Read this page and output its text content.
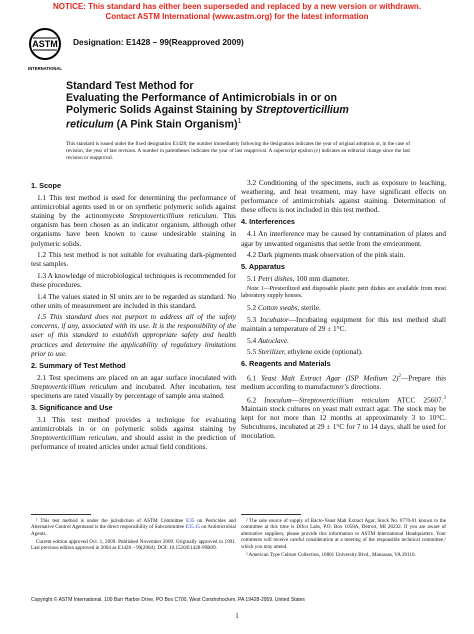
NOTICE: This standard has either been superseded and replaced by a new version or withdrawn.
Contact ASTM International (www.astm.org) for the latest information
ASTM
INTERNATIONAL
Designation: E1428 – 99(Reapproved 2009)
Standard Test Method for
Evaluating the Performance of Antimicrobials in or on
Polymeric Solids Against Staining by Streptoverticillium
reticulum (A Pink Stain Organism)$^1$
This standard is issued under the fixed designation E1428; the number immediately following the designation indicates the year of original adoption or, in the case of revision, the year of last revision. A number in parentheses indicates the year of last reapproval. A superscript epsilon (ε) indicates an editorial change since the last revision or reapproval.
1. Scope

1.1 This test method is used for determining the performance of antimicrobial agents used in or on synthetic polymeric solids against staining by the actinomycete Streptoverticillium reticulum. This organism has been chosen as an indicator organism, although other organisms have been known to cause undesirable staining in polymeric solids.

1.2 This test method is not suitable for evaluating dark-pigmented test samples.

1.3 A knowledge of microbiological techniques is recommended for these procedures.

1.4 The values stated in SI units are to be regarded as standard. No other units of measurement are included in this standard.

1.5 This standard does not purport to address all of the safety concerns, if any, associated with its use. It is the responsibility of the user of this standard to establish appropriate safety and health practices and determine the applicability of regulatory limitations prior to use.

2. Summary of Test Method

2.1 Test specimens are placed on an agar surface inoculated with Streptoverticillium reticulum and incubated. After incubation, test specimens are rated visually by percentage of sample area stained.

3. Significance and Use

3.1 This test method provides a technique for evaluating antimicrobials in or on polymeric solids against staining by Streptoverticillium reticulum, and should assist in the prediction of performance of treated articles under actual field conditions.

3.2 Conditioning of the specimens, such as exposure to leaching, weathering, and heat treatment, may have significant effects on performance of antimicrobials against staining. Determination of these effects is not included in this test method.

4. Interferences

4.1 An interference may be caused by contamination of plates and agar by unwanted organisms that settle from the environment.

4.2 Dark pigments mask observation of the pink stain.

5. Apparatus

5.1 Petri dishes, 100 mm diameter.

Note 1—Presterilized and disposable plastic petri dishes are available from most laboratory supply houses.

5.2 Cotton swabs, sterile.

5.3 Incubator—Incubating equipment for this test method shall maintain a temperature of 29 ± 1°C.

5.4 Autoclave.

5.5 Sterilizer, ethylene oxide (optional).

6. Reagents and Materials

6.1 Yeast Malt Extract Agar (ISP Medium 2)$^2$—Prepare this medium according to manufacturer’s directions.

6.2 Inoculum—Streptoverticillium reticulum ATCC 25607.$^3$ Maintain stock cultures on yeast malt extract agar. The stock may be kept for not more than 12 months at approximately 3 to 10°C. Subcultures, incubated at 29 ± 1°C for 7 to 14 days, shall be used for inoculation.

¹ This test method is under the jurisdiction of ASTM Committee E35 on Pesticides and Alternative Control Agentsand is the direct responsibility of Subcommittee E35.15 on Antimicrobial Agents.

Current edition approved Oct. 1, 2009. Published November 2009. Originally approved in 1991. Last previous edition approved in 2004 as E1428 – 99(2004). DOI: 10.1520/E1428-99R09.

² The sole source of supply of Bacto-Yeast Malt Extract Agar, Stock No. 0770-01 known to the committee at this time is Difco Labs, P.O. Box 1058A, Detroit, MI 28232. If you are aware of alternative suppliers, please provide this information to ASTM International Headquarters. Your comments will receive careful consideration at a meeting of the responsible technical committee,¹ which you may attend.

³ American Type Culture Collection, 10801 University Blvd., Manassas, VA 20110.

Copyright © ASTM International, 100 Barr Harbor Drive, PO Box C700, West Conshohocken, PA 19428-2959. United States
1
